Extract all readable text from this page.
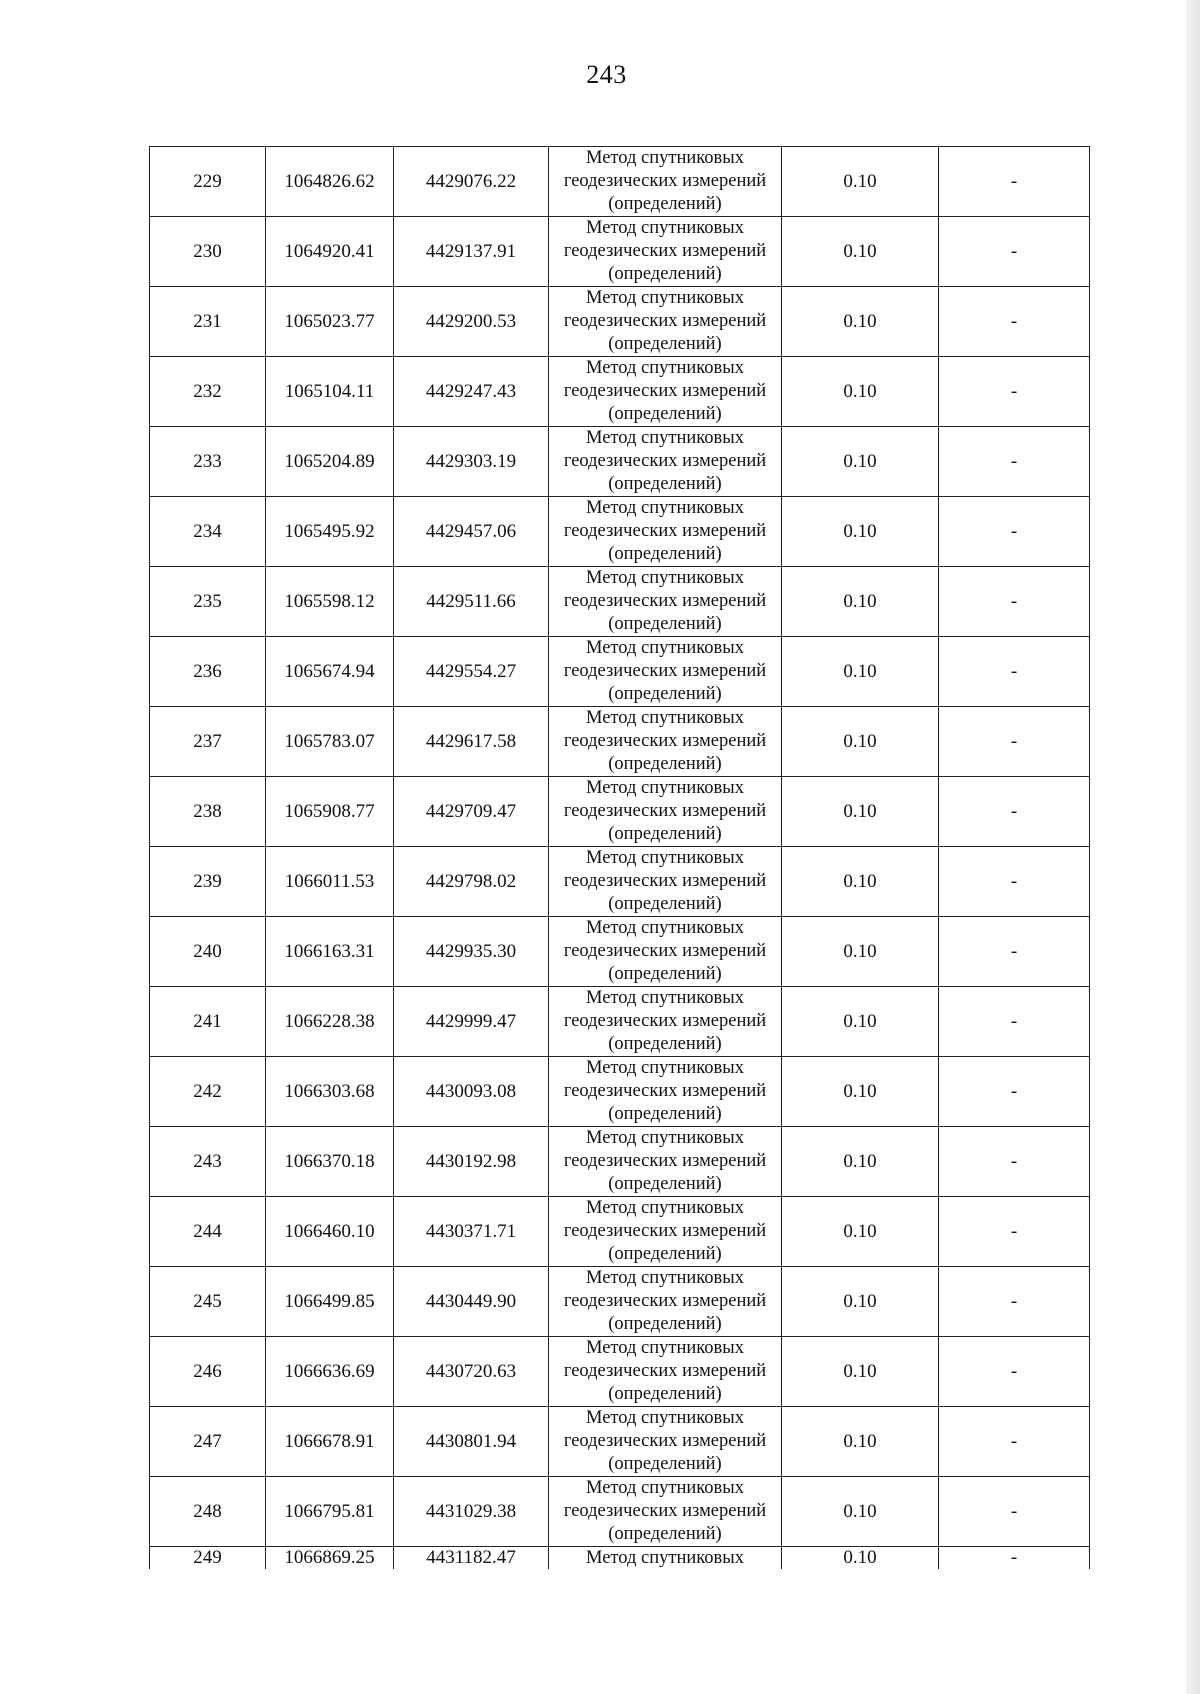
243
229	1064826.62	4429076.22	Метод спутниковых
геодезических измерений
(определений)	0.10	-
230	1064920.41	4429137.91	Метод спутниковых
геодезических измерений
(определений)	0.10	-
231	1065023.77	4429200.53	Метод спутниковых
геодезических измерений
(определений)	0.10	-
232	1065104.11	4429247.43	Метод спутниковых
геодезических измерений
(определений)	0.10	-
233	1065204.89	4429303.19	Метод спутниковых
геодезических измерений
(определений)	0.10	-
234	1065495.92	4429457.06	Метод спутниковых
геодезических измерений
(определений)	0.10	-
235	1065598.12	4429511.66	Метод спутниковых
геодезических измерений
(определений)	0.10	-
236	1065674.94	4429554.27	Метод спутниковых
геодезических измерений
(определений)	0.10	-
237	1065783.07	4429617.58	Метод спутниковых
геодезических измерений
(определений)	0.10	-
238	1065908.77	4429709.47	Метод спутниковых
геодезических измерений
(определений)	0.10	-
239	1066011.53	4429798.02	Метод спутниковых
геодезических измерений
(определений)	0.10	-
240	1066163.31	4429935.30	Метод спутниковых
геодезических измерений
(определений)	0.10	-
241	1066228.38	4429999.47	Метод спутниковых
геодезических измерений
(определений)	0.10	-
242	1066303.68	4430093.08	Метод спутниковых
геодезических измерений
(определений)	0.10	-
243	1066370.18	4430192.98	Метод спутниковых
геодезических измерений
(определений)	0.10	-
244	1066460.10	4430371.71	Метод спутниковых
геодезических измерений
(определений)	0.10	-
245	1066499.85	4430449.90	Метод спутниковых
геодезических измерений
(определений)	0.10	-
246	1066636.69	4430720.63	Метод спутниковых
геодезических измерений
(определений)	0.10	-
247	1066678.91	4430801.94	Метод спутниковых
геодезических измерений
(определений)	0.10	-
248	1066795.81	4431029.38	Метод спутниковых
геодезических измерений
(определений)	0.10	-
249	1066869.25	4431182.47	Метод спутниковых	0.10	-
